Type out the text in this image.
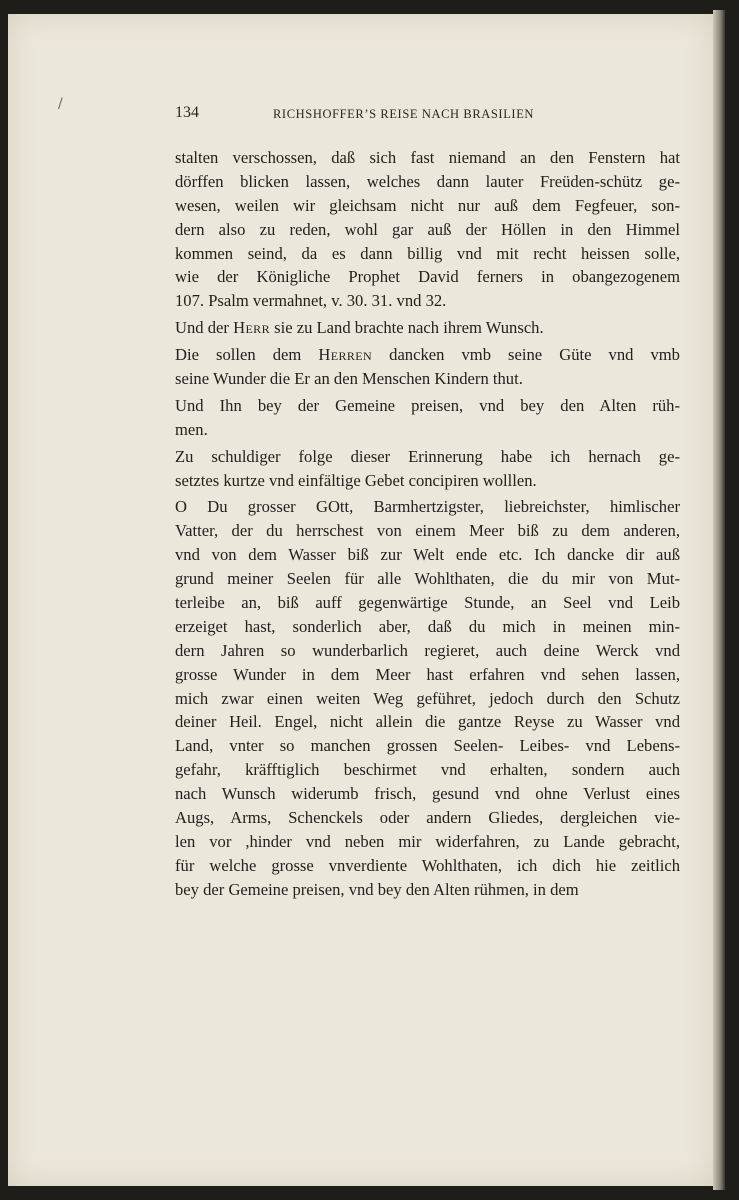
/	134	RICHSHOFFER’S REISE NACH BRASILIEN
stalten verschossen, daß sich fast niemand an den Fenstern hat
dörffen blicken lassen, welches dann lauter Freüden-schütz ge-
wesen, weilen wir gleichsam nicht nur auß dem Fegfeuer, son-
dern also zu reden, wohl gar auß der Höllen in den Himmel
kommen seind, da es dann billig vnd mit recht heissen solle,
wie der Königliche Prophet David ferners in obangezogenem
107. Psalm vermahnet, v. 30. 31. vnd 32.
Und der Herr sie zu Land brachte nach ihrem Wunsch.
Die sollen dem Herren dancken vmb seine Güte vnd vmb
seine Wunder die Er an den Menschen Kindern thut.
Und Ihn bey der Gemeine preisen, vnd bey den Alten rüh-
men.
Zu schuldiger folge dieser Erinnerung habe ich hernach ge-
setztes kurtze vnd einfältige Gebet concipiren wolllen.
O Du grosser GOtt, Barmhertzigster, liebreichster, himlischer
Vatter, der du herrschest von einem Meer biß zu dem anderen,
vnd von dem Wasser biß zur Welt ende etc. Ich dancke dir auß
grund meiner Seelen für alle Wohlthaten, die du mir von Mut-
terleibe an, biß auff gegenwärtige Stunde, an Seel vnd Leib
erzeiget hast, sonderlich aber, daß du mich in meinen min-
dern Jahren so wunderbarlich regieret, auch deine Werck vnd
grosse Wunder in dem Meer hast erfahren vnd sehen lassen,
mich zwar einen weiten Weg geführet, jedoch durch den Schutz
deiner Heil. Engel, nicht allein die gantze Reyse zu Wasser vnd
Land, vnter so manchen grossen Seelen- Leibes- vnd Lebens-
gefahr, kräfftiglich beschirmet vnd erhalten, sondern auch
nach Wunsch widerumb frisch, gesund vnd ohne Verlust eines
Augs, Arms, Schenckels oder andern Gliedes, dergleichen vie-
len vor ,hinder vnd neben mir widerfahren, zu Lande gebracht,
für welche grosse vnverdiente Wohlthaten, ich dich hie zeitlich
bey der Gemeine preisen, vnd bey den Alten rühmen, in dem
